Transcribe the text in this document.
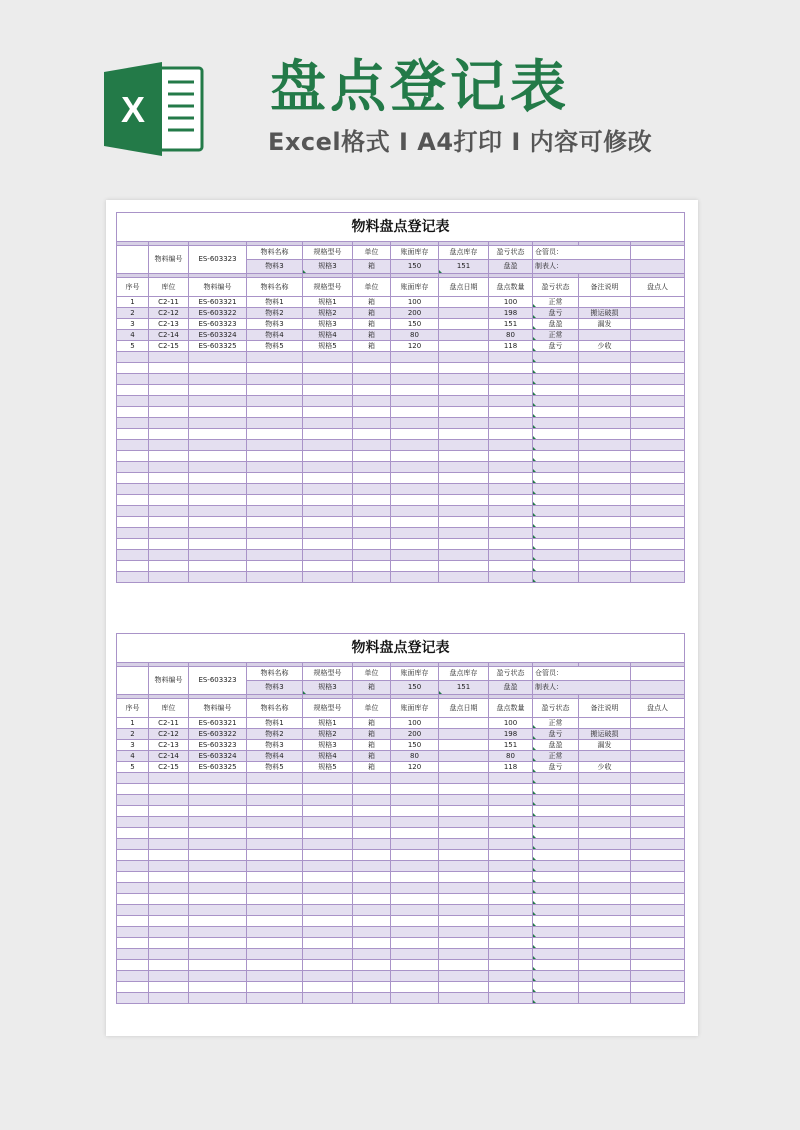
X 盘点登记表
Excel格式 I A4打印 I 内容可修改
物料盘点登记表											

	物料编号	ES-603323	物料名称	规格型号	单位	账面库存	盘点库存	盈亏状态	仓管员：		
			物料3	规格3	箱	150	151	盘盈	制表人：		

序号	库位	物料编号	物料名称	规格型号	单位	账面库存	盘点日期	盘点数量	盈亏状态	备注说明	盘点人
1	C2-11	ES-603321	物料1	规格1	箱	100		100	正常		
2	C2-12	ES-603322	物料2	规格2	箱	200		198	盘亏	搬运破损	
3	C2-13	ES-603323	物料3	规格3	箱	150		151	盘盈	漏发	
4	C2-14	ES-603324	物料4	规格4	箱	80		80	正常		
5	C2-15	ES-603325	物料5	规格5	箱	120		118	盘亏	少收	

物料盘点登记表											

	物料编号	ES-603323	物料名称	规格型号	单位	账面库存	盘点库存	盈亏状态	仓管员：		
			物料3	规格3	箱	150	151	盘盈	制表人：		

序号	库位	物料编号	物料名称	规格型号	单位	账面库存	盘点日期	盘点数量	盈亏状态	备注说明	盘点人
1	C2-11	ES-603321	物料1	规格1	箱	100		100	正常		
2	C2-12	ES-603322	物料2	规格2	箱	200		198	盘亏	搬运破损	
3	C2-13	ES-603323	物料3	规格3	箱	150		151	盘盈	漏发	
4	C2-14	ES-603324	物料4	规格4	箱	80		80	正常		
5	C2-15	ES-603325	物料5	规格5	箱	120		118	盘亏	少收	
